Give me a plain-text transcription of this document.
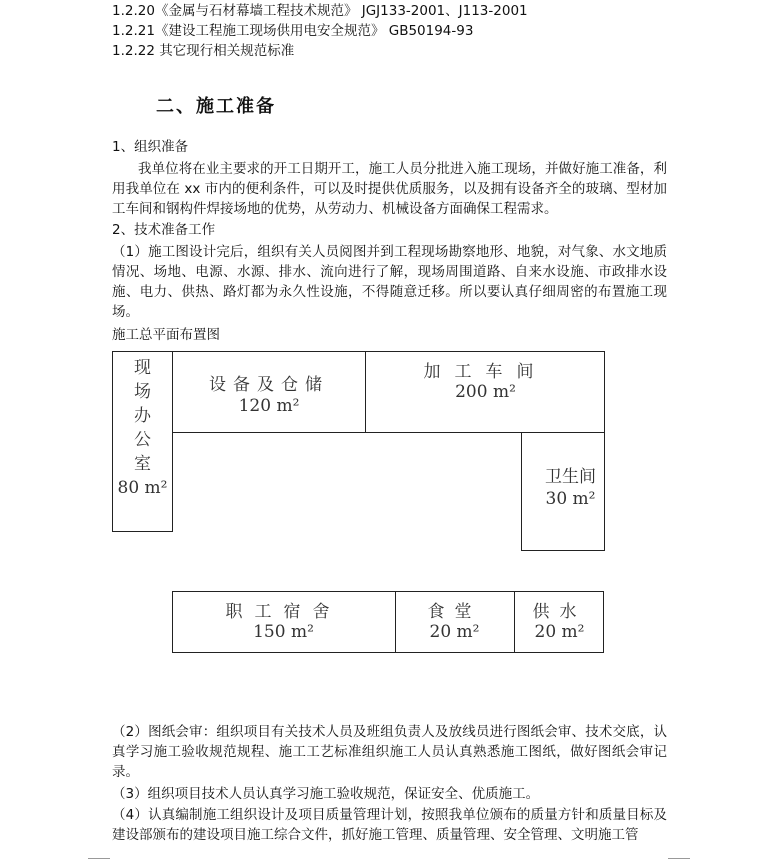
1.2.20《金属与石材幕墙工程技术规范》 JGJ133-2001、J113-2001
1.2.21《建设工程施工现场供用电安全规范》 GB50194-93
1.2.22 其它现行相关规范标准
二、施工准备
1、组织准备
我单位将在业主要求的开工日期开工，施工人员分批进入施工现场，并做好施工准备，利用我单位在 xx 市内的便利条件，可以及时提供优质服务，以及拥有设备齐全的玻璃、型材加工车间和钢构件焊接场地的优势，从劳动力、机械设备方面确保工程需求。
2、技术准备工作
（1）施工图设计完后，组织有关人员阅图并到工程现场勘察地形、地貌，对气象、水文地质情况、场地、电源、水源、排水、流向进行了解，现场周围道路、自来水设施、市政排水设施、电力、供热、路灯都为永久性设施，不得随意迁移。所以要认真仔细周密的布置施工现场。
施工总平面布置图
现
场
办
公
室
80 m²
设备及仓储
120 m²
加工车间
200 m²
卫生间
30 m²
职工宿舍
150 m²
食堂
20 m²
供水
20 m²
（2）图纸会审：组织项目有关技术人员及班组负责人及放线员进行图纸会审、技术交底，认真学习施工验收规范规程、施工工艺标准组织施工人员认真熟悉施工图纸，做好图纸会审记录。
（3）组织项目技术人员认真学习施工验收规范，保证安全、优质施工。
（4）认真编制施工组织设计及项目质量管理计划，按照我单位颁布的质量方针和质量目标及建设部颁布的建设项目施工综合文件，抓好施工管理、质量管理、安全管理、文明施工管
